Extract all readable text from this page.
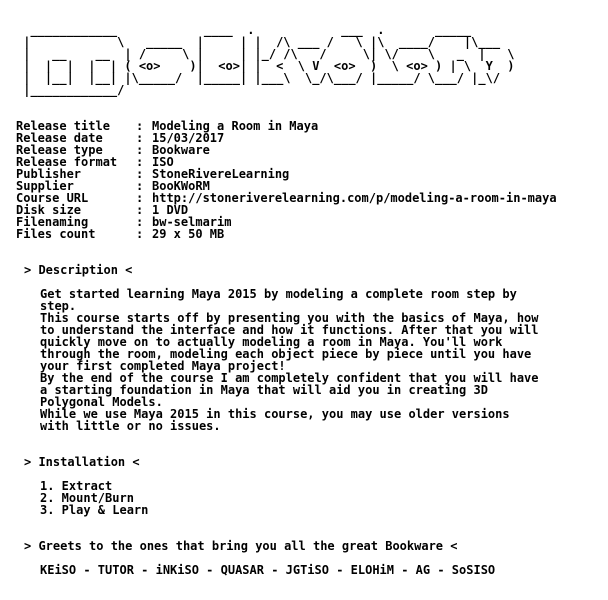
____________            ____  .            ___  .       _____
|            \   _____  |     | |  /\ ___ /   \ |\  ____/    |\___
|   __    __  | /     \ |     | |_/ /\   /     \| \/    \   _  |   \
|  |  |  |  | ( <o>    )|  <o>| |  <  \ V  <o>  )  \ <o> ) | \  Y  )
|  |__|  |__| |\_____/  |_____| |___\  \_/\___/ |_____/ \___/ |_\/
|____________/
Release title	: Modeling a Room in Maya
Release date	: 15/03/2017
Release type	: Bookware
Release format	: ISO
Publisher	: StoneRivereLearning
Supplier	: BooKWoRM
Course URL	: http://stoneriverelearning.com/p/modeling-a-room-in-maya
Disk size	: 1 DVD
Filenaming	: bw-selmarim
Files count	: 29 x 50 MB
> Description <
Get started learning Maya 2015 by modeling a complete room step by
step.
This course starts off by presenting you with the basics of Maya, how
to understand the interface and how it functions. After that you will
quickly move on to actually modeling a room in Maya. You'll work
through the room, modeling each object piece by piece until you have
your first completed Maya project!
By the end of the course I am completely confident that you will have
a starting foundation in Maya that will aid you in creating 3D
Polygonal Models.
While we use Maya 2015 in this course, you may use older versions
with little or no issues.
> Installation <
1. Extract
2. Mount/Burn
3. Play & Learn
> Greets to the ones that bring you all the great Bookware <
KEiSO - TUTOR - iNKiSO - QUASAR - JGTiSO - ELOHiM - AG - SoSISO
